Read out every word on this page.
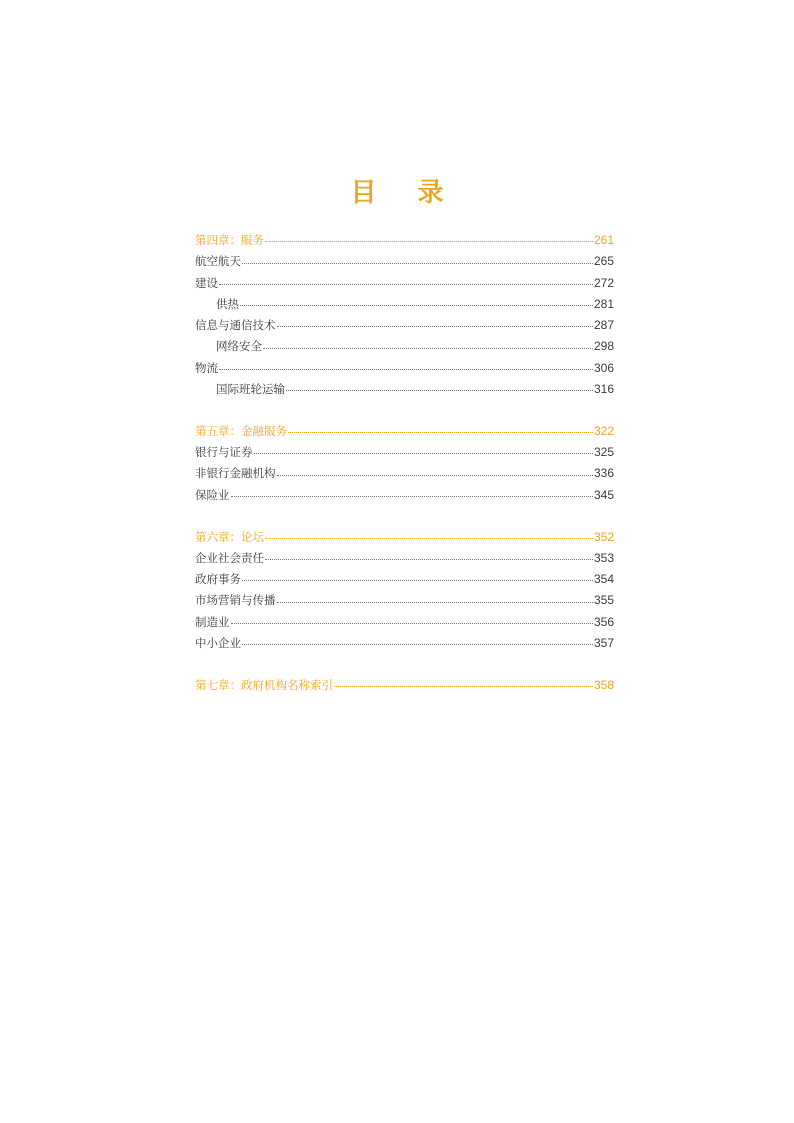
目 录
第四章：服务	261
航空航天	265
建设	272
供热	281
信息与通信技术	287
网络安全	298
物流	306
国际班轮运输	316
第五章：金融服务	322
银行与证券	325
非银行金融机构	336
保险业	345
第六章：论坛	352
企业社会责任	353
政府事务	354
市场营销与传播	355
制造业	356
中小企业	357
第七章：政府机构名称索引	358
